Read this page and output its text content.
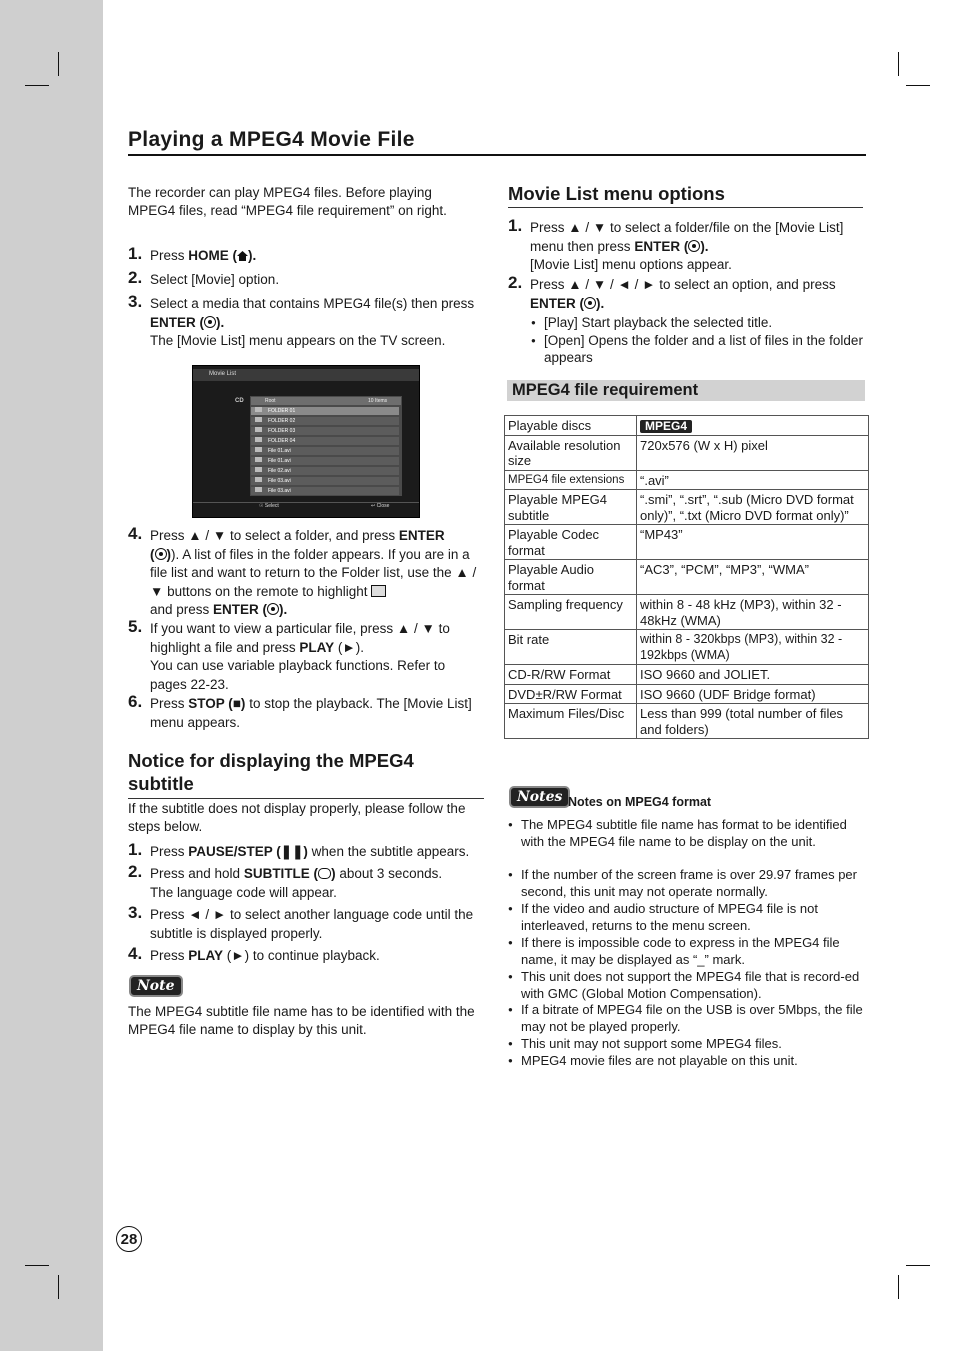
Playing a MPEG4 Movie File
The recorder can play MPEG4 files. Before playing MPEG4 files, read “MPEG4 file requirement” on right.
1. Press HOME ( ).
2. Select [Movie] option.
3. Select a media that contains MPEG4 file(s) then press ENTER ( ).
The [Movie List] menu appears on the TV screen.
Movie List
CD	Root	10 Items
FOLDER 01
FOLDER 02
FOLDER 03
FOLDER 04
File 01.avi
File 01.avi
File 02.avi
File 03.avi
File 03.avi
☉ Select	↩ Close
4. Press ▲ / ▼ to select a folder, and press ENTER
( )). A list of files in the folder appears. If you are in a file list and want to return to the Folder list, use the ▲ / ▼ buttons on the remote to highlight
and press ENTER ( ).
5. If you want to view a particular file, press ▲ / ▼ to highlight a file and press PLAY (►).
You can use variable playback functions. Refer to pages 22-23.
6. Press STOP (■) to stop the playback. The [Movie List] menu appears.
Notice for displaying the MPEG4 subtitle
If the subtitle does not display properly, please follow the steps below.
1. Press PAUSE/STEP (❚❚) when the subtitle appears.
2. Press and hold SUBTITLE ( ) about 3 seconds.
The language code will appear.
3. Press ◄ / ► to select another language code until the subtitle is displayed properly.
4. Press PLAY (►) to continue playback.
Note
The MPEG4 subtitle file name has to be identified with the MPEG4 file name to display by this unit.
Movie List menu options
1. Press ▲ / ▼ to select a folder/file on the [Movie List] menu then press ENTER ( ).
[Movie List] menu options appear.
2. Press ▲ / ▼ / ◄ / ► to select an option, and press ENTER ( ).
● [Play] Start playback the selected title.
● [Open] Opens the folder and a list of files in the folder appears
MPEG4 file requirement
Playable discs	MPEG4
Available resolution size	720x576 (W x H) pixel
MPEG4 file extensions	“.avi”
Playable MPEG4 subtitle	“.smi”, “.srt”, “.sub (Micro DVD format only)”, “.txt (Micro DVD format only)”
Playable Codec format	“MP43”
Playable Audio format	“AC3”, “PCM”, “MP3”, “WMA”
Sampling frequency	within 8 - 48 kHz (MP3), within 32 - 48kHz (WMA)
Bit rate	within 8 - 320kbps (MP3), within 32 - 192kbps (WMA)
CD-R/RW Format	ISO 9660 and JOLIET.
DVD±R/RW Format	ISO 9660 (UDF Bridge format)
Maximum Files/Disc	Less than 999 (total number of files and folders)
Notes Notes on MPEG4 format
● The MPEG4 subtitle file name has format to be identified with the MPEG4 file name to be display on the unit.
● If the number of the screen frame is over 29.97 frames per second, this unit may not operate normally.
● If the video and audio structure of MPEG4 file is not interleaved, returns to the menu screen.
● If there is impossible code to express in the MPEG4 file name, it may be displayed as “_” mark.
● This unit does not support the MPEG4 file that is record-ed with GMC (Global Motion Compensation).
● If a bitrate of MPEG4 file on the USB is over 5Mbps, the file may not be played properly.
● This unit may not support some MPEG4 files.
● MPEG4 movie files are not playable on this unit.
28
